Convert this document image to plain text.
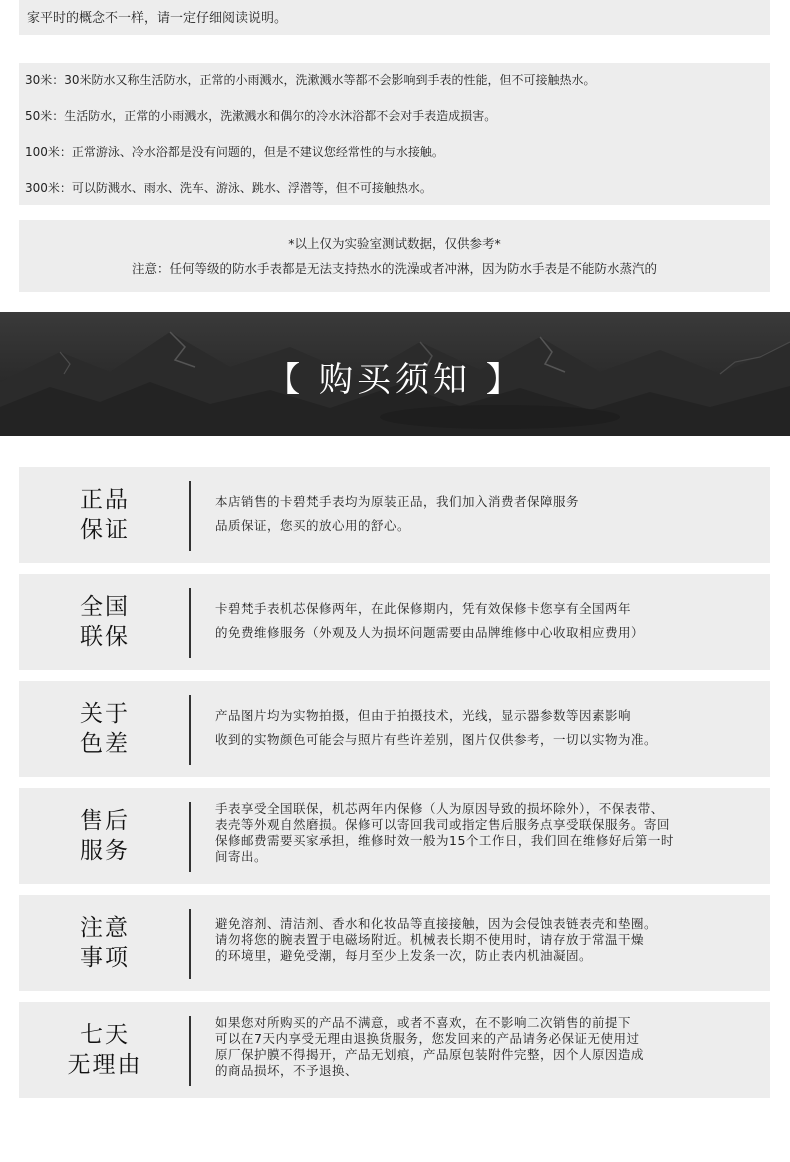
家平时的概念不一样，请一定仔细阅读说明。

30米：30米防水又称生活防水，正常的小雨溅水，洗漱溅水等都不会影响到手表的性能，但不可接触热水。

50米：生活防水，正常的小雨溅水，洗漱溅水和偶尔的冷水沐浴都不会对手表造成损害。

100米：正常游泳、冷水浴都是没有问题的，但是不建议您经常性的与水接触。

300米：可以防溅水、雨水、洗车、游泳、跳水、浮潜等，但不可接触热水。

*以上仅为实验室测试数据，仅供参考*

注意：任何等级的防水手表都是无法支持热水的洗澡或者冲淋，因为防水手表是不能防水蒸汽的

【 购买须知 】

正品
保证
本店销售的卡碧梵手表均为原装正品，我们加入消费者保障服务
品质保证，您买的放心用的舒心。
全国
联保
卡碧梵手表机芯保修两年，在此保修期内，凭有效保修卡您享有全国两年
的免费维修服务（外观及人为损坏问题需要由品牌维修中心收取相应费用）
关于
色差
产品图片均为实物拍摄，但由于拍摄技术，光线，显示器参数等因素影响
收到的实物颜色可能会与照片有些许差别，图片仅供参考，一切以实物为准。
售后
服务
手表享受全国联保，机芯两年内保修（人为原因导致的损坏除外），不保表带、
表壳等外观自然磨损。保修可以寄回我司或指定售后服务点享受联保服务。寄回
保修邮费需要买家承担，维修时效一般为15个工作日，我们回在维修好后第一时
间寄出。
注意
事项
避免溶剂、清洁剂、香水和化妆品等直接接触，因为会侵蚀表链表壳和垫圈。
请勿将您的腕表置于电磁场附近。机械表长期不使用时，请存放于常温干燥
的环境里，避免受潮，每月至少上发条一次，防止表内机油凝固。
七天
无理由
如果您对所购买的产品不满意，或者不喜欢，在不影响二次销售的前提下
可以在7天内享受无理由退换货服务，您发回来的产品请务必保证无使用过
原厂保护膜不得揭开，产品无划痕，产品原包装附件完整，因个人原因造成
的商品损坏，不予退换、
